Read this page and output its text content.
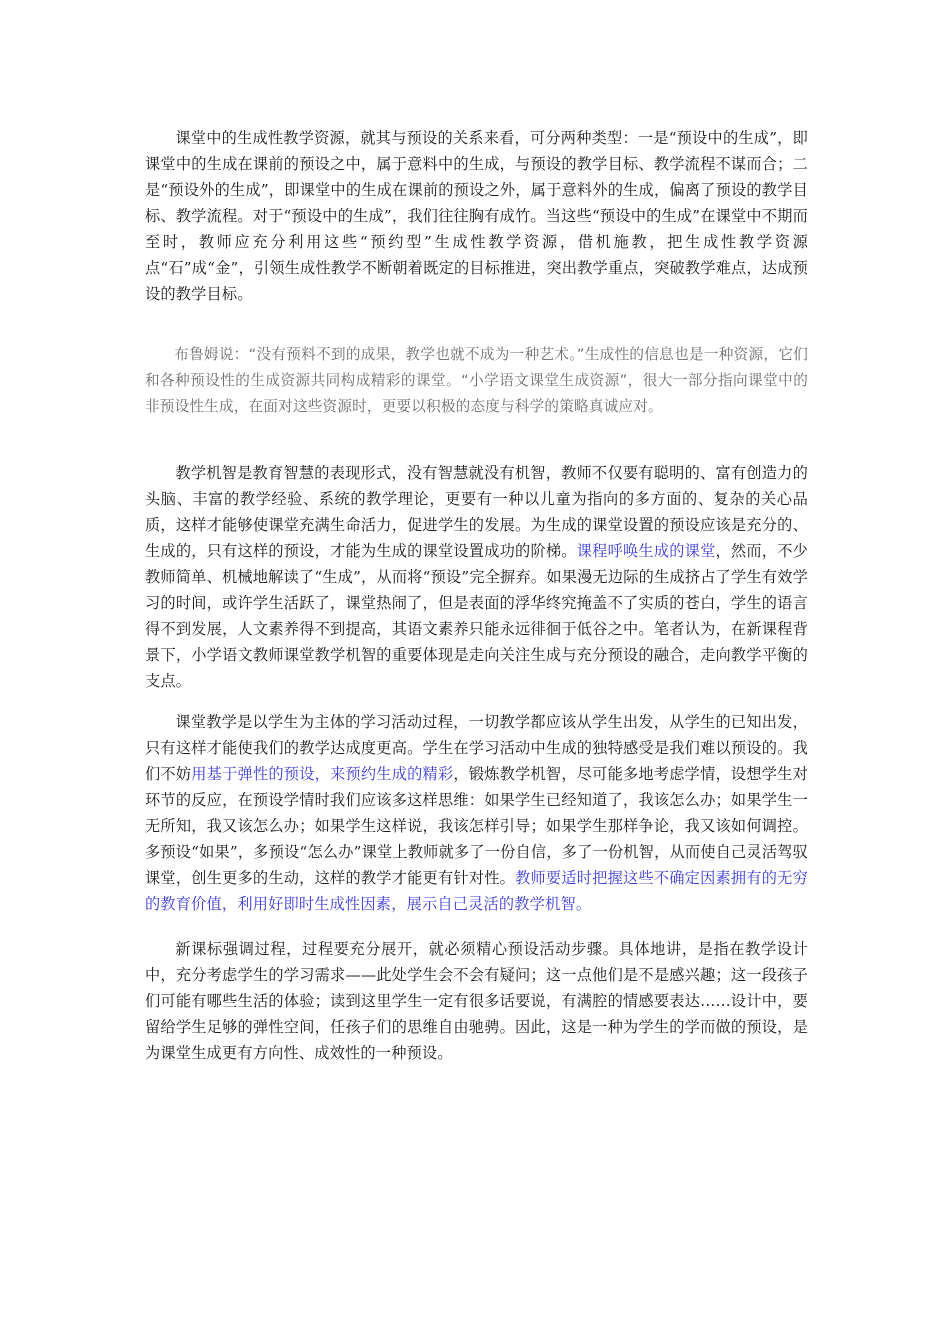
课堂中的生成性教学资源，就其与预设的关系来看，可分两种类型：一是“预设中的生成”，即课堂中的生成在课前的预设之中，属于意料中的生成，与预设的教学目标、教学流程不谋而合；二是“预设外的生成”，即课堂中的生成在课前的预设之外，属于意料外的生成，偏离了预设的教学目标、教学流程。对于“预设中的生成”，我们往往胸有成竹。当这些“预设中的生成”在课堂中不期而至时，教师应充分利用这些“预约型”生成性教学资源，借机施教，把生成性教学资源点“石”成“金”，引领生成性教学不断朝着既定的目标推进，突出教学重点，突破教学难点，达成预设的教学目标。

布鲁姆说：“没有预料不到的成果，教学也就不成为一种艺术。”生成性的信息也是一种资源，它们和各种预设性的生成资源共同构成精彩的课堂。“小学语文课堂生成资源”，很大一部分指向课堂中的非预设性生成，在面对这些资源时，更要以积极的态度与科学的策略真诚应对。

教学机智是教育智慧的表现形式，没有智慧就没有机智，教师不仅要有聪明的、富有创造力的头脑、丰富的教学经验、系统的教学理论，更要有一种以儿童为指向的多方面的、复杂的关心品质，这样才能够使课堂充满生命活力，促进学生的发展。为生成的课堂设置的预设应该是充分的、生成的，只有这样的预设，才能为生成的课堂设置成功的阶梯。课程呼唤生成的课堂，然而，不少教师简单、机械地解读了“生成”，从而将“预设”完全摒弃。如果漫无边际的生成挤占了学生有效学习的时间，或许学生活跃了，课堂热闹了，但是表面的浮华终究掩盖不了实质的苍白，学生的语言得不到发展，人文素养得不到提高，其语文素养只能永远徘徊于低谷之中。笔者认为，在新课程背景下，小学语文教师课堂教学机智的重要体现是走向关注生成与充分预设的融合，走向教学平衡的支点。

课堂教学是以学生为主体的学习活动过程，一切教学都应该从学生出发，从学生的已知出发，只有这样才能使我们的教学达成度更高。学生在学习活动中生成的独特感受是我们难以预设的。我们不妨用基于弹性的预设，来预约生成的精彩，锻炼教学机智，尽可能多地考虑学情，设想学生对环节的反应，在预设学情时我们应该多这样思维：如果学生已经知道了，我该怎么办；如果学生一无所知，我又该怎么办；如果学生这样说，我该怎样引导；如果学生那样争论，我又该如何调控。多预设“如果”，多预设“怎么办”课堂上教师就多了一份自信，多了一份机智，从而使自己灵活驾驭课堂，创生更多的生动，这样的教学才能更有针对性。教师要适时把握这些不确定因素拥有的无穷的教育价值，利用好即时生成性因素，展示自己灵活的教学机智。

新课标强调过程，过程要充分展开，就必须精心预设活动步骤。具体地讲，是指在教学设计中，充分考虑学生的学习需求——此处学生会不会有疑问；这一点他们是不是感兴趣；这一段孩子们可能有哪些生活的体验；读到这里学生一定有很多话要说，有满腔的情感要表达……设计中，要留给学生足够的弹性空间，任孩子们的思维自由驰骋。因此，这是一种为学生的学而做的预设，是为课堂生成更有方向性、成效性的一种预设。
